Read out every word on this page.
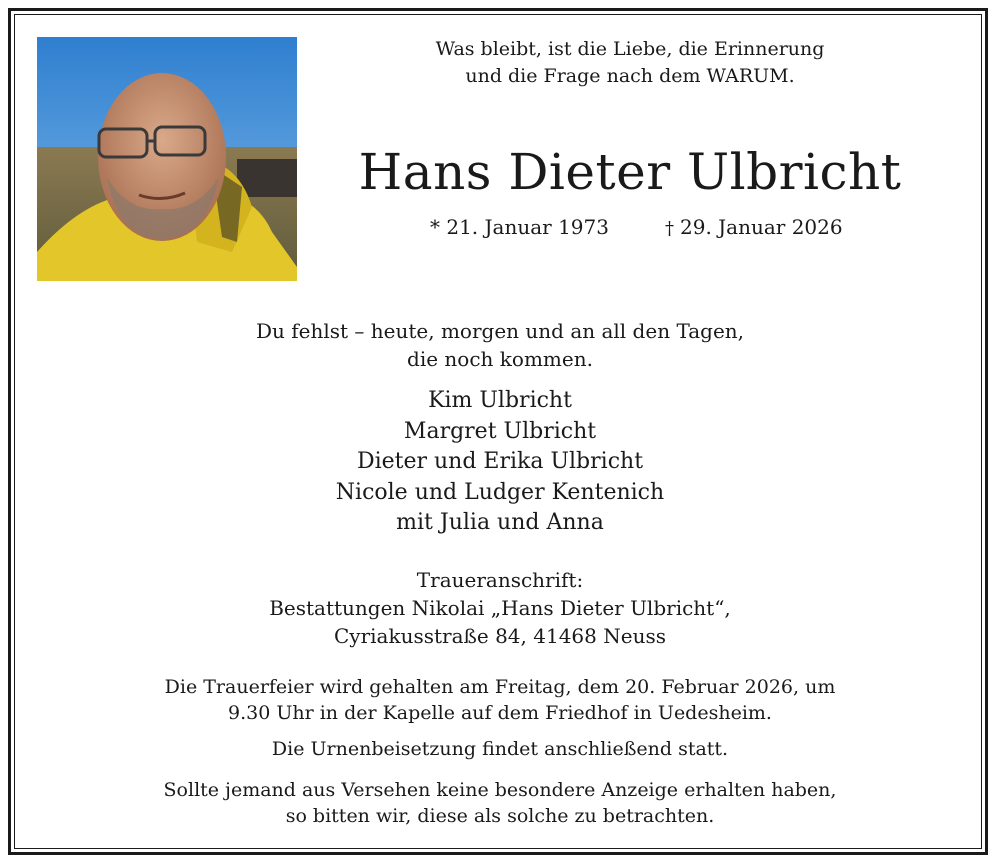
Was bleibt, ist die Liebe, die Erinnerung
und die Frage nach dem WARUM.
Hans Dieter Ulbricht
* 21. Januar 1973	† 29. Januar 2026
Du fehlst – heute, morgen und an all den Tagen,
die noch kommen.
Kim Ulbricht
Margret Ulbricht
Dieter und Erika Ulbricht
Nicole und Ludger Kentenich
mit Julia und Anna
Traueranschrift:
Bestattungen Nikolai „Hans Dieter Ulbricht“,
Cyriakusstraße 84, 41468 Neuss
Die Trauerfeier wird gehalten am Freitag, dem 20. Februar 2026, um
9.30 Uhr in der Kapelle auf dem Friedhof in Uedesheim.
Die Urnenbeisetzung findet anschließend statt.
Sollte jemand aus Versehen keine besondere Anzeige erhalten haben,
so bitten wir, diese als solche zu betrachten.
